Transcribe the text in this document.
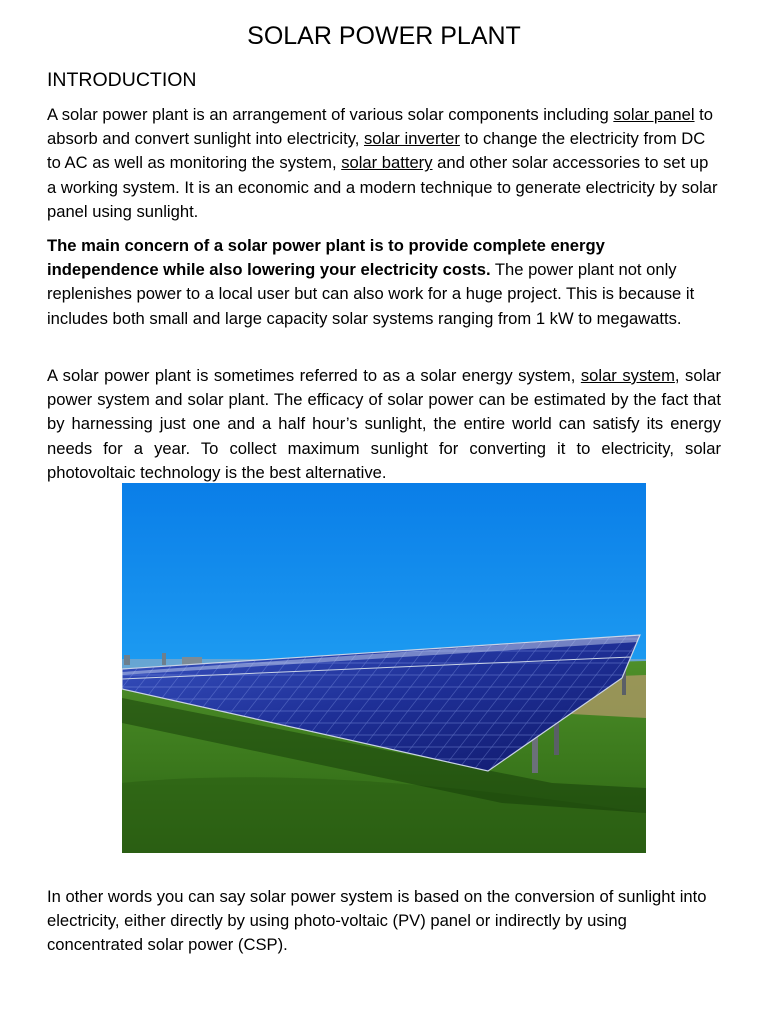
SOLAR POWER PLANT
INTRODUCTION

A solar power plant is an arrangement of various solar components including solar panel to absorb and convert sunlight into electricity, solar inverter to change the electricity from DC to AC as well as monitoring the system, solar battery and other solar accessories to set up a working system. It is an economic and a modern technique to generate electricity by solar panel using sunlight.

The main concern of a solar power plant is to provide complete energy independence while also lowering your electricity costs. The power plant not only replenishes power to a local user but can also work for a huge project. This is because it includes both small and large capacity solar systems ranging from 1 kW to megawatts.

A solar power plant is sometimes referred to as a solar energy system, solar system, solar power system and solar plant. The efficacy of solar power can be estimated by the fact that by harnessing just one and a half hour’s sunlight, the entire world can satisfy its energy needs for a year. To collect maximum sunlight for converting it to electricity, solar photovoltaic technology is the best alternative.

In other words you can say solar power system is based on the conversion of sunlight into electricity, either directly by using photo-voltaic (PV) panel or indirectly by using concentrated solar power (CSP).
